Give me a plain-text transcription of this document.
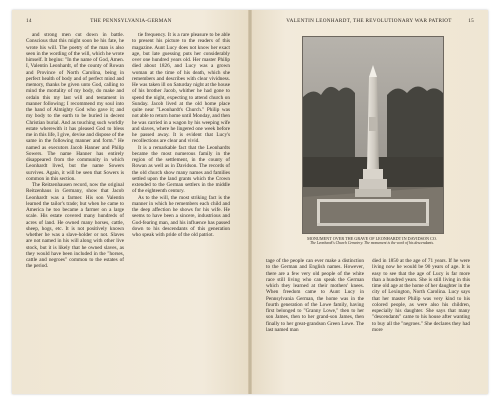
14	THE PENNSYLVANIA-GERMAN

and strong men cut down in battle. Conscious that this might soon be his fate, he wrote his will. The poetry of the man is also seen in the wording of the will, which he wrote himself. It begins: "In the name of God, Amen. I, Valentin Leonhardt, of the county of Rowan and Province of North Carolina, being in perfect health of body and of perfect mind and memory, thanks be given unto God, calling to mind the mortality of my body, do make and ordain this my last will and testament in manner following; I recommend my soul into the hand of Almighty God who gave it; and my body to the earth to be buried in decent Christian burial. And as touching such worldly estate wherewith it has pleased God to bless me in this life, I give, devise and dispose of the same in the following manner and form." He named as executors Jacob Hanner and Philip Sowers. The name Hanner has entirely disappeared from the community in which Leonhardt lived, but the name Sowers survives. Again, it will be seen that Sowers is common in this section.

The Reitzenhausen record, now the original Reitzenhaus in Germany, show that Jacob Leonhardt was a farmer. His son Valentin learned the tailor's trade; but when he came to America he too became a farmer on a large scale. His estate covered many hundreds of acres of land. He owned many horses, cattle, sheep, hogs, etc. It is not positively known whether he was a slave-holder or not. Slaves are not named in his will along with other live stock, but it is likely that he owned slaves, as they would have been included in the "horses, cattle and negroes" common to the estates of the period.

tie frequency. It is a rare pleasure to be able to present his picture to the readers of this magazine. Aunt Lucy does not know her exact age, but late guessing puts her considerably over one hundred years old. Her master Philip died about 1826, and Lucy was a grown woman at the time of his death, which she remembers and describes with clear vividness. He was taken ill on Saturday night at the house of his brother Jacob, whither he had gone to spend the night, expecting to attend church on Sunday. Jacob lived at the old home place quite near "Leonhardt's Church." Philip was not able to return home until Monday, and then he was carried in a wagon by his weeping wife and slaves, where he lingered one week before he passed away. It is evident that Lucy's recollections are clear and vivid.

It is a remarkable fact that the Leonhardts became the most numerous family in the region of the settlement, in the county of Rowan as well as in Davidson. The records of the old church show many names and families settled upon the land grants which the Crown extended to the German settlers in the middle of the eighteenth century.

As to the will, the most striking fact is the manner in which he remembers each child and the deep affection he shows for his wife. He seems to have been a sincere, industrious and God-fearing man, and his influence has passed down to his descendants of this generation who speak with pride of the old patriot.

VALENTIN LEONHARDT, THE REVOLUTIONARY WAR PATRIOT	15
MONUMENT OVER THE GRAVE OF LEONHARDT IN DAVIDSON CO.
The Leonhardt's Church Cemetery. The monument is the work of his descendants.

tage of the people can ever make a distinction to the German and English names. However, there are a few very old people of the white race still living who can speak the German which they learned at their mothers' knees. When freedom came to Aunt Lucy in Pennsylvania German, the home was in the fourth generation of the Lowe family, having first belonged to "Granny Lowe," then to her son James, then to her grand-son James, then finally to her great-grandson Green Lowe. The last named man

died in 1850 at the age of 71 years. If he were living now he would be 90 years of age. It is easy to see that the age of Lucy is far more than a hundred years. She is still living in this time old age at the home of her daughter in the city of Lexington, North Carolina. Lucy says that her master Philip was very kind to his colored people, as were also his children, especially his daughter. She says that many "descendants" came to his house after wanting to buy all the "negroes." She declares they had more
